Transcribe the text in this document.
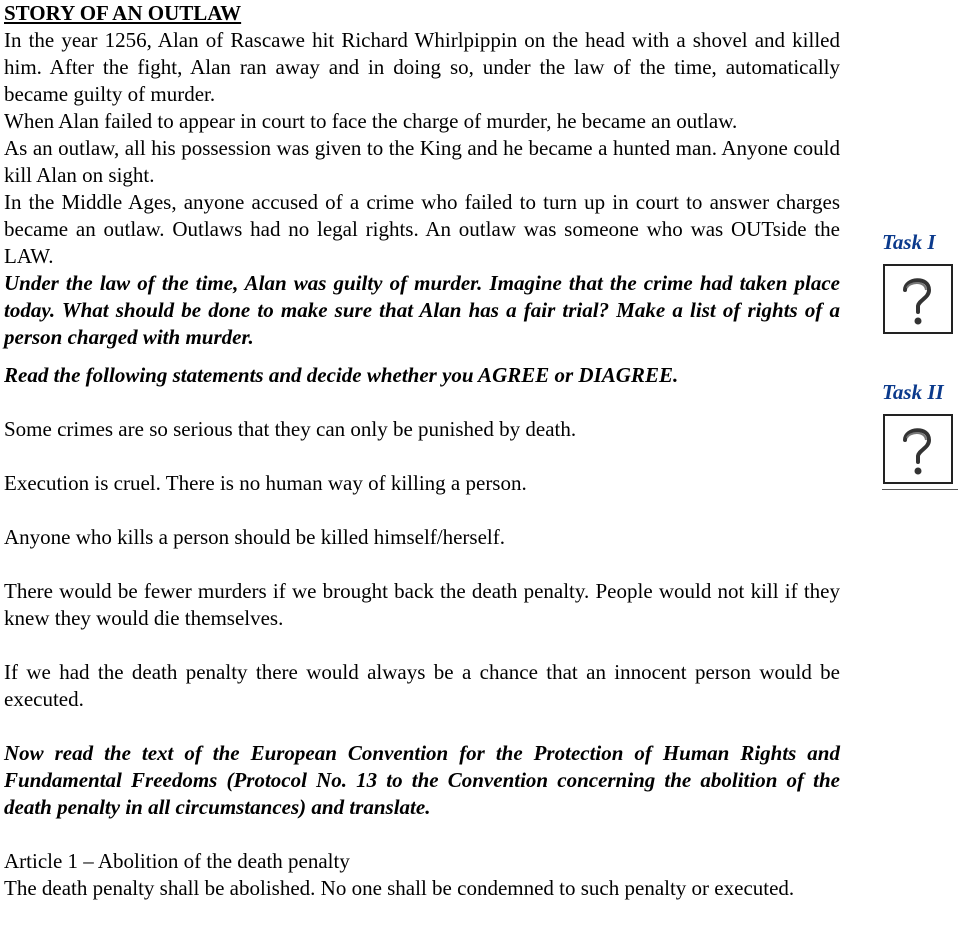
STORY OF AN OUTLAW

In the year 1256, Alan of Rascawe hit Richard Whirlpippin on the head with a shovel and killed him. After the fight, Alan ran away and in doing so, under the law of the time, automatically became guilty of murder.

When Alan failed to appear in court to face the charge of murder, he became an outlaw.

As an outlaw, all his possession was given to the King and he became a hunted man. Anyone could kill Alan on sight.

In the Middle Ages, anyone accused of a crime who failed to turn up in court to answer charges became an outlaw. Outlaws had no legal rights. An outlaw was someone who was OUTside the LAW.

Under the law of the time, Alan was guilty of murder. Imagine that the crime had taken place today. What should be done to make sure that Alan has a fair trial? Make a list of rights of a person charged with murder.

Read the following statements and decide whether you AGREE or DIAGREE.

Some crimes are so serious that they can only be punished by death.

Execution is cruel. There is no human way of killing a person.

Anyone who kills a person should be killed himself/herself.

There would be fewer murders if we brought back the death penalty. People would not kill if they knew they would die themselves.

If we had the death penalty there would always be a chance that an innocent person would be executed.

Now read the text of the European Convention for the Protection of Human Rights and Fundamental Freedoms (Protocol No. 13 to the Convention concerning the abolition of the death penalty in all circumstances) and translate.

Article 1 – Abolition of the death penalty

The death penalty shall be abolished. No one shall be condemned to such penalty or executed.

Task I
Task II
